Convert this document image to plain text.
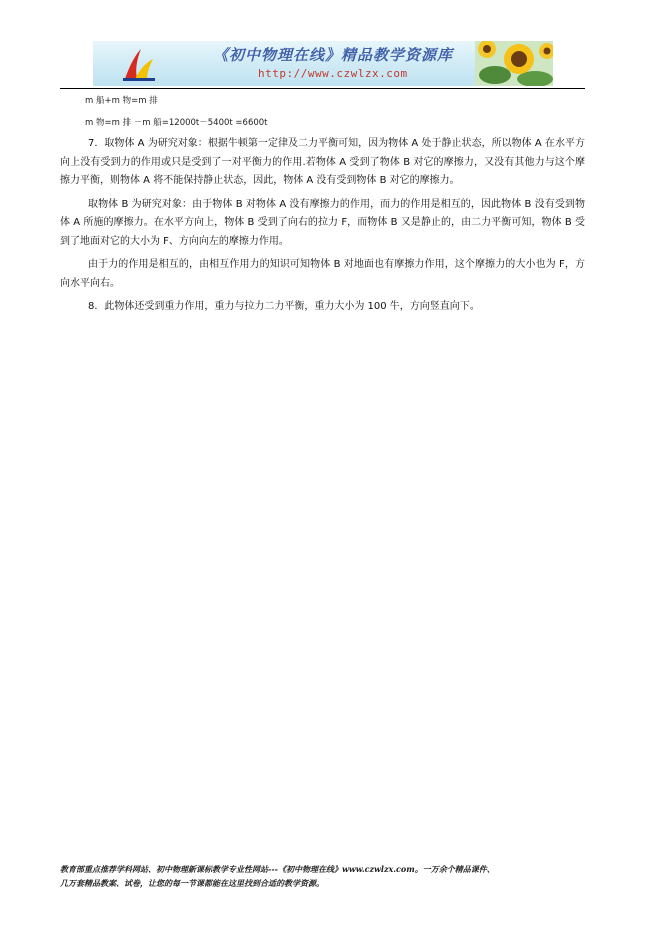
《初中物理在线》精品教学资源库
http://www.czwlzx.com

m 船+m 物=m 排

m 物=m 排 －m 船=12000t－5400t =6600t

7．取物体 A 为研究对象：根据牛顿第一定律及二力平衡可知，因为物体 A 处于静止状态，所以物体 A 在水平方向上没有受到力的作用或只是受到了一对平衡力的作用.若物体 A 受到了物体 B 对它的摩擦力，又没有其他力与这个摩擦力平衡，则物体 A 将不能保持静止状态，因此，物体 A 没有受到物体 B 对它的摩擦力。

取物体 B 为研究对象：由于物体 B 对物体 A 没有摩擦力的作用，而力的作用是相互的，因此物体 B 没有受到物体 A 所施的摩擦力。在水平方向上，物体 B 受到了向右的拉力 F，而物体 B 又是静止的，由二力平衡可知，物体 B 受到了地面对它的大小为 F、方向向左的摩擦力作用。

由于力的作用是相互的，由相互作用力的知识可知物体 B 对地面也有摩擦力作用，这个摩擦力的大小也为 F，方向水平向右。

8．此物体还受到重力作用，重力与拉力二力平衡，重力大小为 100 牛，方向竖直向下。

教育部重点推荐学科网站、初中物理新课标教学专业性网站---《初中物理在线》www.czwlzx.com。一万余个精品课件、
几万套精品教案、试卷，让您的每一节课都能在这里找到合适的教学资源。
